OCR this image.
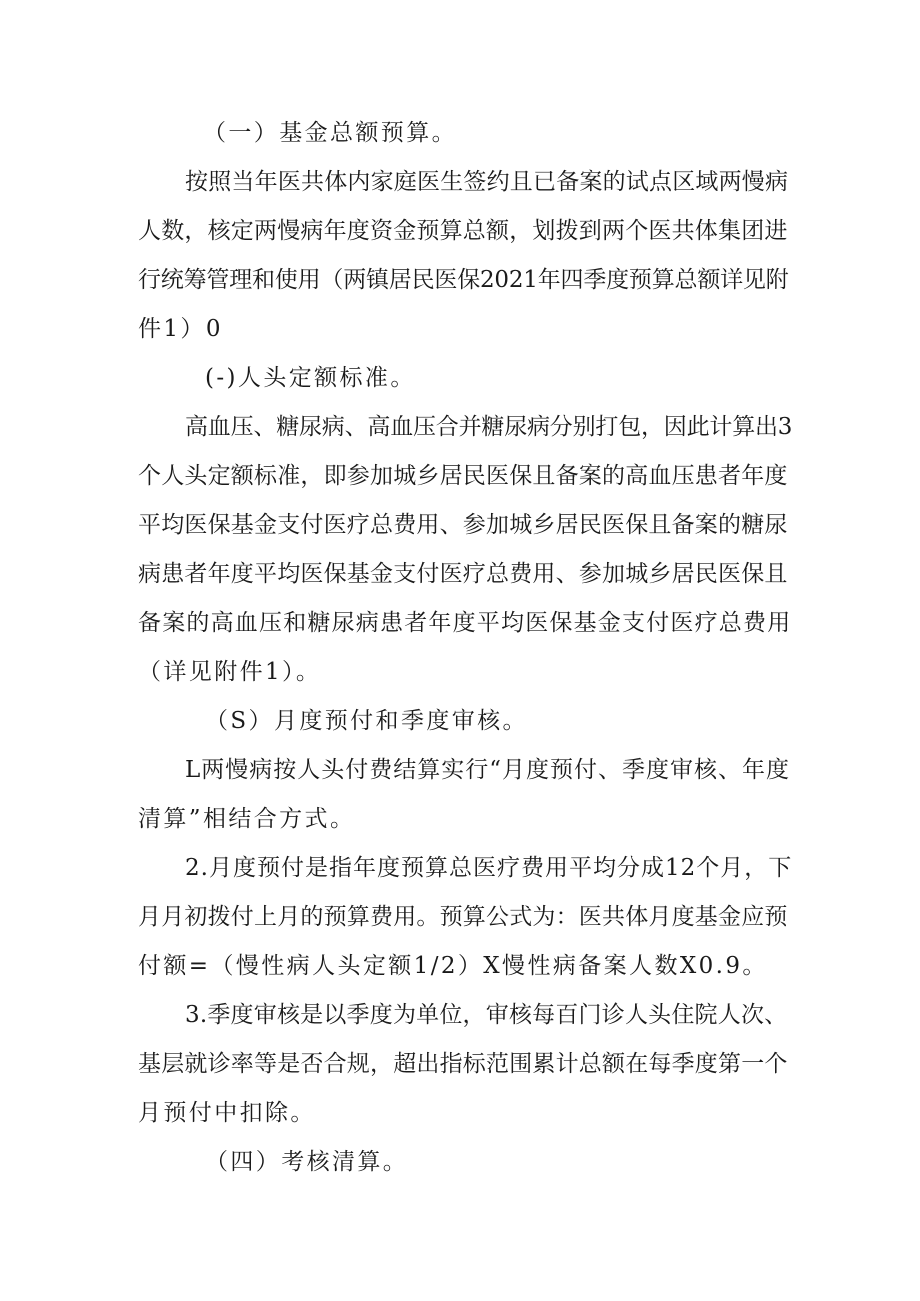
（一）基金总额预算。
按照当年医共体内家庭医生签约且已备案的试点区域两慢病
人数，核定两慢病年度资金预算总额，划拨到两个医共体集团进
行统筹管理和使用（两镇居民医保2021年四季度预算总额详见附
件1）0
(-)人头定额标准。
高血压、糖尿病、高血压合并糖尿病分别打包，因此计算出3
个人头定额标准，即参加城乡居民医保且备案的高血压患者年度
平均医保基金支付医疗总费用、参加城乡居民医保且备案的糖尿
病患者年度平均医保基金支付医疗总费用、参加城乡居民医保且
备案的高血压和糖尿病患者年度平均医保基金支付医疗总费用
（详见附件1）。
（S）月度预付和季度审核。
L两慢病按人头付费结算实行“月度预付、季度审核、年度
清算”相结合方式。
2.月度预付是指年度预算总医疗费用平均分成12个月，下
月月初拨付上月的预算费用。预算公式为：医共体月度基金应预
付额=（慢性病人头定额1/2）X慢性病备案人数X0.9。
3.季度审核是以季度为单位，审核每百门诊人头住院人次、
基层就诊率等是否合规，超出指标范围累计总额在每季度第一个
月预付中扣除。
（四）考核清算。
